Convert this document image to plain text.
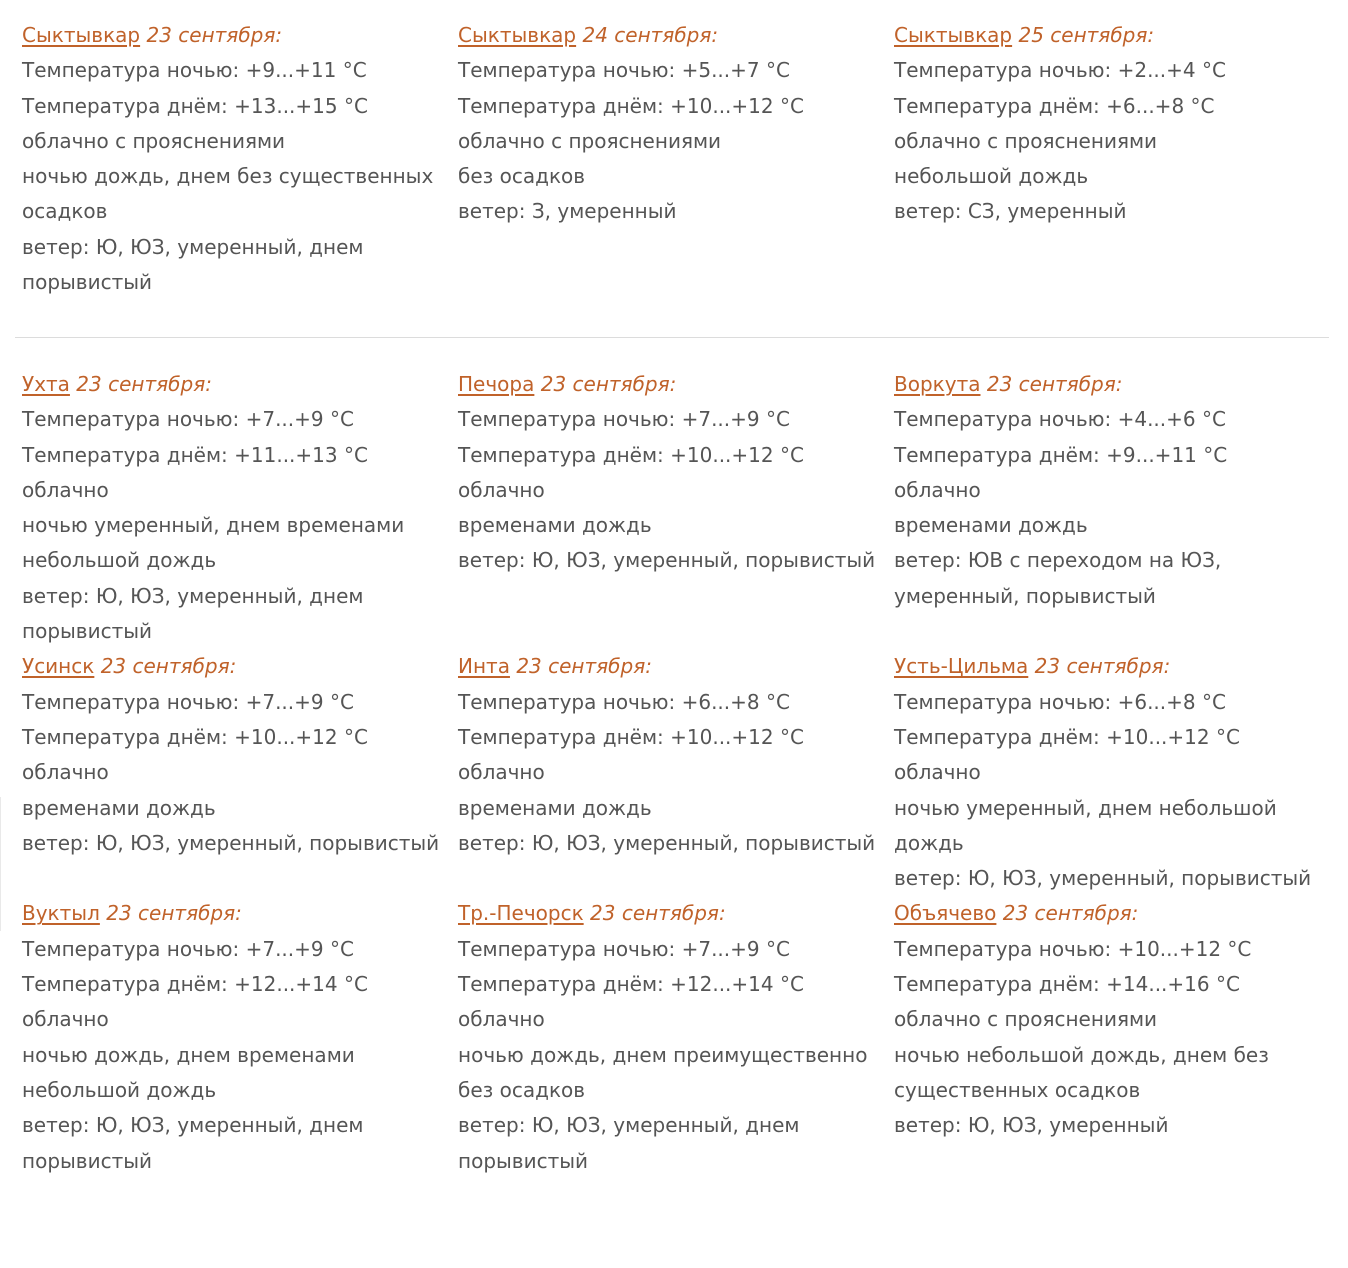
Сыктывкар 23 сентября:
Температура ночью: +9...+11 °С
Температура днём: +13...+15 °С
облачно с прояснениями
ночью дождь, днем без существенных осадков
ветер: Ю, ЮЗ, умеренный, днем порывистый
Сыктывкар 24 сентября:
Температура ночью: +5...+7 °С
Температура днём: +10...+12 °С
облачно с прояснениями
без осадков
ветер: З, умеренный
Сыктывкар 25 сентября:
Температура ночью: +2...+4 °С
Температура днём: +6...+8 °С
облачно с прояснениями
небольшой дождь
ветер: СЗ, умеренный
Ухта 23 сентября:
Температура ночью: +7...+9 °С
Температура днём: +11...+13 °С
облачно
ночью умеренный, днем временами небольшой дождь
ветер: Ю, ЮЗ, умеренный, днем порывистый
Печора 23 сентября:
Температура ночью: +7...+9 °С
Температура днём: +10...+12 °С
облачно
временами дождь
ветер: Ю, ЮЗ, умеренный, порывистый
Воркута 23 сентября:
Температура ночью: +4...+6 °С
Температура днём: +9...+11 °С
облачно
временами дождь
ветер: ЮВ с переходом на ЮЗ, умеренный, порывистый
Усинск 23 сентября:
Температура ночью: +7...+9 °С
Температура днём: +10...+12 °С
облачно
временами дождь
ветер: Ю, ЮЗ, умеренный, порывистый
Инта 23 сентября:
Температура ночью: +6...+8 °С
Температура днём: +10...+12 °С
облачно
временами дождь
ветер: Ю, ЮЗ, умеренный, порывистый
Усть-Цильма 23 сентября:
Температура ночью: +6...+8 °С
Температура днём: +10...+12 °С
облачно
ночью умеренный, днем небольшой дождь
ветер: Ю, ЮЗ, умеренный, порывистый
Вуктыл 23 сентября:
Температура ночью: +7...+9 °С
Температура днём: +12...+14 °С
облачно
ночью дождь, днем временами небольшой дождь
ветер: Ю, ЮЗ, умеренный, днем порывистый
Тр.-Печорск 23 сентября:
Температура ночью: +7...+9 °С
Температура днём: +12...+14 °С
облачно
ночью дождь, днем преимущественно без осадков
ветер: Ю, ЮЗ, умеренный, днем порывистый
Объячево 23 сентября:
Температура ночью: +10...+12 °С
Температура днём: +14...+16 °С
облачно с прояснениями
ночью небольшой дождь, днем без существенных осадков
ветер: Ю, ЮЗ, умеренный
